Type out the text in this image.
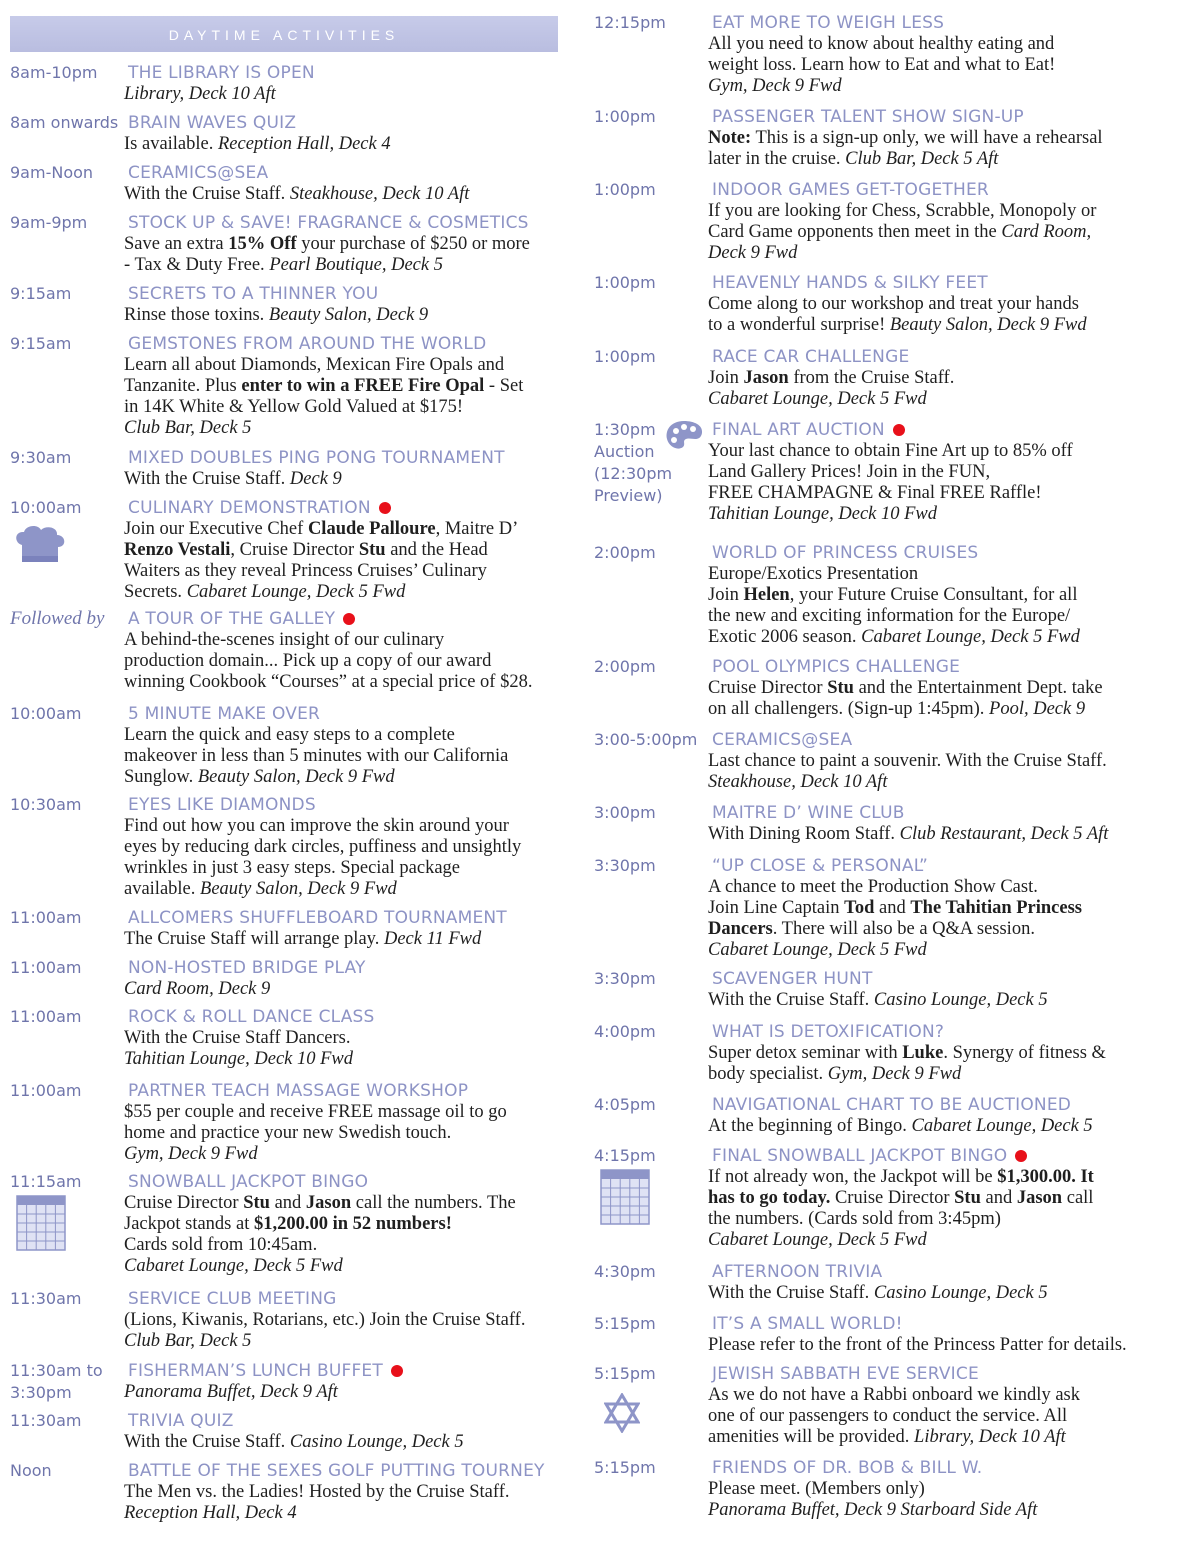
DAYTIME ACTIVITIES
8am-10pm	THE LIBRARY IS OPEN
Library, Deck 10 Aft
8am onwards BRAIN WAVES QUIZ
Is available. Reception Hall, Deck 4
9am-Noon	CERAMICS@SEA
With the Cruise Staff. Steakhouse, Deck 10 Aft
9am-9pm	STOCK UP & SAVE! FRAGRANCE & COSMETICS
Save an extra 15% Off your purchase of $250 or more
- Tax & Duty Free. Pearl Boutique, Deck 5
9:15am	SECRETS TO A THINNER YOU
Rinse those toxins. Beauty Salon, Deck 9
9:15am	GEMSTONES FROM AROUND THE WORLD
Learn all about Diamonds, Mexican Fire Opals and
Tanzanite. Plus enter to win a FREE Fire Opal - Set
in 14K White & Yellow Gold Valued at $175!
Club Bar, Deck 5
9:30am	MIXED DOUBLES PING PONG TOURNAMENT
With the Cruise Staff. Deck 9
10:00am	CULINARY DEMONSTRATION
Join our Executive Chef Claude Palloure, Maitre D’
Renzo Vestali, Cruise Director Stu and the Head
Waiters as they reveal Princess Cruises’ Culinary
Secrets. Cabaret Lounge, Deck 5 Fwd
Followed by	A TOUR OF THE GALLEY
A behind-the-scenes insight of our culinary
production domain... Pick up a copy of our award
winning Cookbook “Courses” at a special price of $28.
10:00am	5 MINUTE MAKE OVER
Learn the quick and easy steps to a complete
makeover in less than 5 minutes with our California
Sunglow. Beauty Salon, Deck 9 Fwd
10:30am	EYES LIKE DIAMONDS
Find out how you can improve the skin around your
eyes by reducing dark circles, puffiness and unsightly
wrinkles in just 3 easy steps. Special package
available. Beauty Salon, Deck 9 Fwd
11:00am	ALLCOMERS SHUFFLEBOARD TOURNAMENT
The Cruise Staff will arrange play. Deck 11 Fwd
11:00am	NON-HOSTED BRIDGE PLAY
Card Room, Deck 9
11:00am	ROCK & ROLL DANCE CLASS
With the Cruise Staff Dancers.
Tahitian Lounge, Deck 10 Fwd
11:00am	PARTNER TEACH MASSAGE WORKSHOP
$55 per couple and receive FREE massage oil to go
home and practice your new Swedish touch.
Gym, Deck 9 Fwd
11:15am	SNOWBALL JACKPOT BINGO
Cruise Director Stu and Jason call the numbers. The
Jackpot stands at $1,200.00 in 52 numbers!
Cards sold from 10:45am.
Cabaret Lounge, Deck 5 Fwd
11:30am	SERVICE CLUB MEETING
(Lions, Kiwanis, Rotarians, etc.) Join the Cruise Staff.
Club Bar, Deck 5
11:30am to
3:30pm
FISHERMAN’S LUNCH BUFFET
Panorama Buffet, Deck 9 Aft
11:30am	TRIVIA QUIZ
With the Cruise Staff. Casino Lounge, Deck 5
Noon	BATTLE OF THE SEXES GOLF PUTTING TOURNEY
The Men vs. the Ladies! Hosted by the Cruise Staff.
Reception Hall, Deck 4
12:15pm	EAT MORE TO WEIGH LESS
All you need to know about healthy eating and
weight loss. Learn how to Eat and what to Eat!
Gym, Deck 9 Fwd
1:00pm	PASSENGER TALENT SHOW SIGN-UP
Note: This is a sign-up only, we will have a rehearsal
later in the cruise. Club Bar, Deck 5 Aft
1:00pm	INDOOR GAMES GET-TOGETHER
If you are looking for Chess, Scrabble, Monopoly or
Card Game opponents then meet in the Card Room,
Deck 9 Fwd
1:00pm	HEAVENLY HANDS & SILKY FEET
Come along to our workshop and treat your hands
to a wonderful surprise! Beauty Salon, Deck 9 Fwd
1:00pm	RACE CAR CHALLENGE
Join Jason from the Cruise Staff.
Cabaret Lounge, Deck 5 Fwd
1:30pm
Auction
(12:30pm
Preview)
FINAL ART AUCTION
Your last chance to obtain Fine Art up to 85% off
Land Gallery Prices! Join in the FUN,
FREE CHAMPAGNE & Final FREE Raffle!
Tahitian Lounge, Deck 10 Fwd
2:00pm	WORLD OF PRINCESS CRUISES
Europe/Exotics Presentation
Join Helen, your Future Cruise Consultant, for all
the new and exciting information for the Europe/
Exotic 2006 season. Cabaret Lounge, Deck 5 Fwd
2:00pm	POOL OLYMPICS CHALLENGE
Cruise Director Stu and the Entertainment Dept. take
on all challengers. (Sign-up 1:45pm). Pool, Deck 9
3:00-5:00pm CERAMICS@SEA
Last chance to paint a souvenir. With the Cruise Staff.
Steakhouse, Deck 10 Aft
3:00pm	MAITRE D’ WINE CLUB
With Dining Room Staff. Club Restaurant, Deck 5 Aft
3:30pm	“UP CLOSE & PERSONAL”
A chance to meet the Production Show Cast.
Join Line Captain Tod and The Tahitian Princess
Dancers. There will also be a Q&A session.
Cabaret Lounge, Deck 5 Fwd
3:30pm	SCAVENGER HUNT
With the Cruise Staff. Casino Lounge, Deck 5
4:00pm	WHAT IS DETOXIFICATION?
Super detox seminar with Luke. Synergy of fitness &
body specialist. Gym, Deck 9 Fwd
4:05pm	NAVIGATIONAL CHART TO BE AUCTIONED
At the beginning of Bingo. Cabaret Lounge, Deck 5
4:15pm	FINAL SNOWBALL JACKPOT BINGO
If not already won, the Jackpot will be $1,300.00. It
has to go today. Cruise Director Stu and Jason call
the numbers. (Cards sold from 3:45pm)
Cabaret Lounge, Deck 5 Fwd
4:30pm	AFTERNOON TRIVIA
With the Cruise Staff. Casino Lounge, Deck 5
5:15pm	IT’S A SMALL WORLD!
Please refer to the front of the Princess Patter for details.
5:15pm	JEWISH SABBATH EVE SERVICE
As we do not have a Rabbi onboard we kindly ask
one of our passengers to conduct the service. All
amenities will be provided. Library, Deck 10 Aft
5:15pm	FRIENDS OF DR. BOB & BILL W.
Please meet. (Members only)
Panorama Buffet, Deck 9 Starboard Side Aft
